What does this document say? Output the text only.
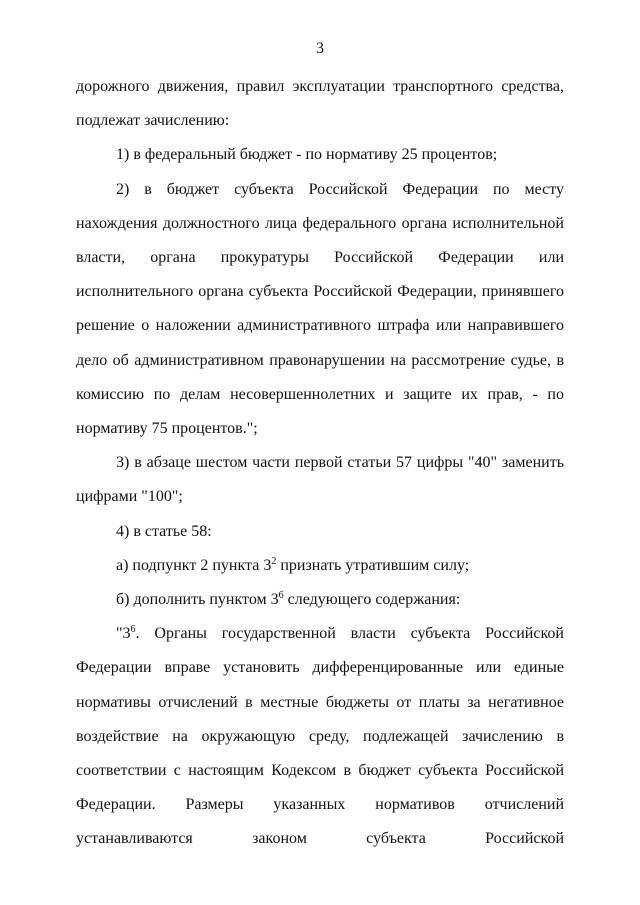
3

дорожного движения, правил эксплуатации транспортного средства, подлежат зачислению:

1) в федеральный бюджет - по нормативу 25 процентов;

2) в бюджет субъекта Российской Федерации по месту нахождения должностного лица федерального органа исполнительной власти, органа прокуратуры Российской Федерации или исполнительного органа субъекта Российской Федерации, принявшего решение о наложении административного штрафа или направившего дело об административном правонарушении на рассмотрение судье, в комиссию по делам несовершеннолетних и защите их прав, - по нормативу 75 процентов.";

3) в абзаце шестом части первой статьи 57 цифры "40" заменить цифрами "100";

4) в статье 58:

а) подпункт 2 пункта $3^2$ признать утратившим силу;

б) дополнить пунктом $3^6$ следующего содержания:

"$3^6$. Органы государственной власти субъекта Российской Федерации вправе установить дифференцированные или единые нормативы отчислений в местные бюджеты от платы за негативное воздействие на окружающую среду, подлежащей зачислению в соответствии с настоящим Кодексом в бюджет субъекта Российской Федерации. Размеры указанных нормативов отчислений устанавливаются законом субъекта Российской
